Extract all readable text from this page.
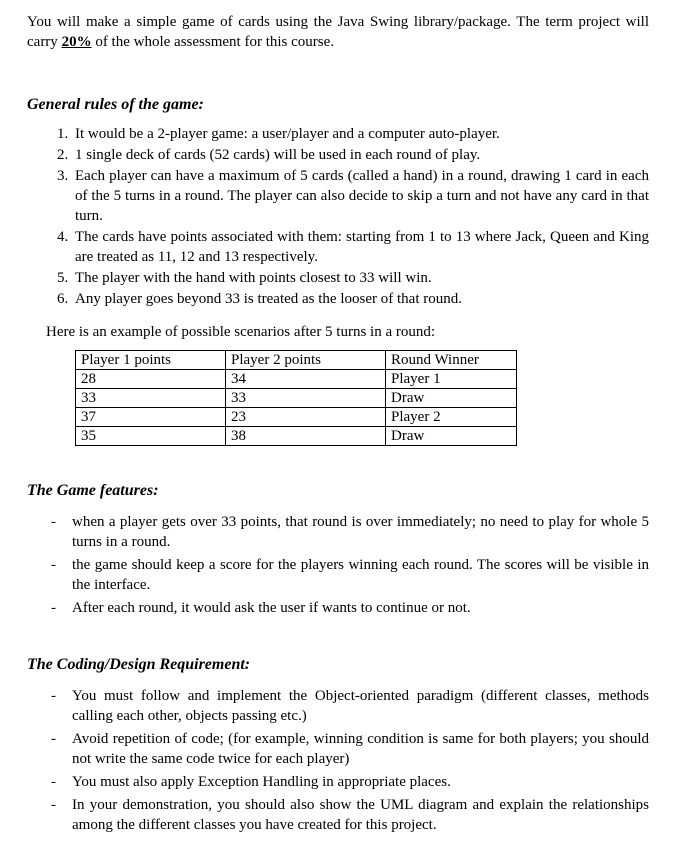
You will make a simple game of cards using the Java Swing library/package. The term project will carry 20% of the whole assessment for this course.

General rules of the game:
1. It would be a 2-player game: a user/player and a computer auto-player.
2. 1 single deck of cards (52 cards) will be used in each round of play.
3. Each player can have a maximum of 5 cards (called a hand) in a round, drawing 1 card in each of the 5 turns in a round. The player can also decide to skip a turn and not have any card in that turn.
4. The cards have points associated with them: starting from 1 to 13 where Jack, Queen and King are treated as 11, 12 and 13 respectively.
5. The player with the hand with points closest to 33 will win.
6. Any player goes beyond 33 is treated as the looser of that round.

Here is an example of possible scenarios after 5 turns in a round:

Player 1 points	Player 2 points	Round Winner
28	34	Player 1
33	33	Draw
37	23	Player 2
35	38	Draw
The Game features:
- when a player gets over 33 points, that round is over immediately; no need to play for whole 5 turns in a round.
- the game should keep a score for the players winning each round. The scores will be visible in the interface.
- After each round, it would ask the user if wants to continue or not.
The Coding/Design Requirement:
- You must follow and implement the Object-oriented paradigm (different classes, methods calling each other, objects passing etc.)
- Avoid repetition of code; (for example, winning condition is same for both players; you should not write the same code twice for each player)
- You must also apply Exception Handling in appropriate places.
- In your demonstration, you should also show the UML diagram and explain the relationships among the different classes you have created for this project.
